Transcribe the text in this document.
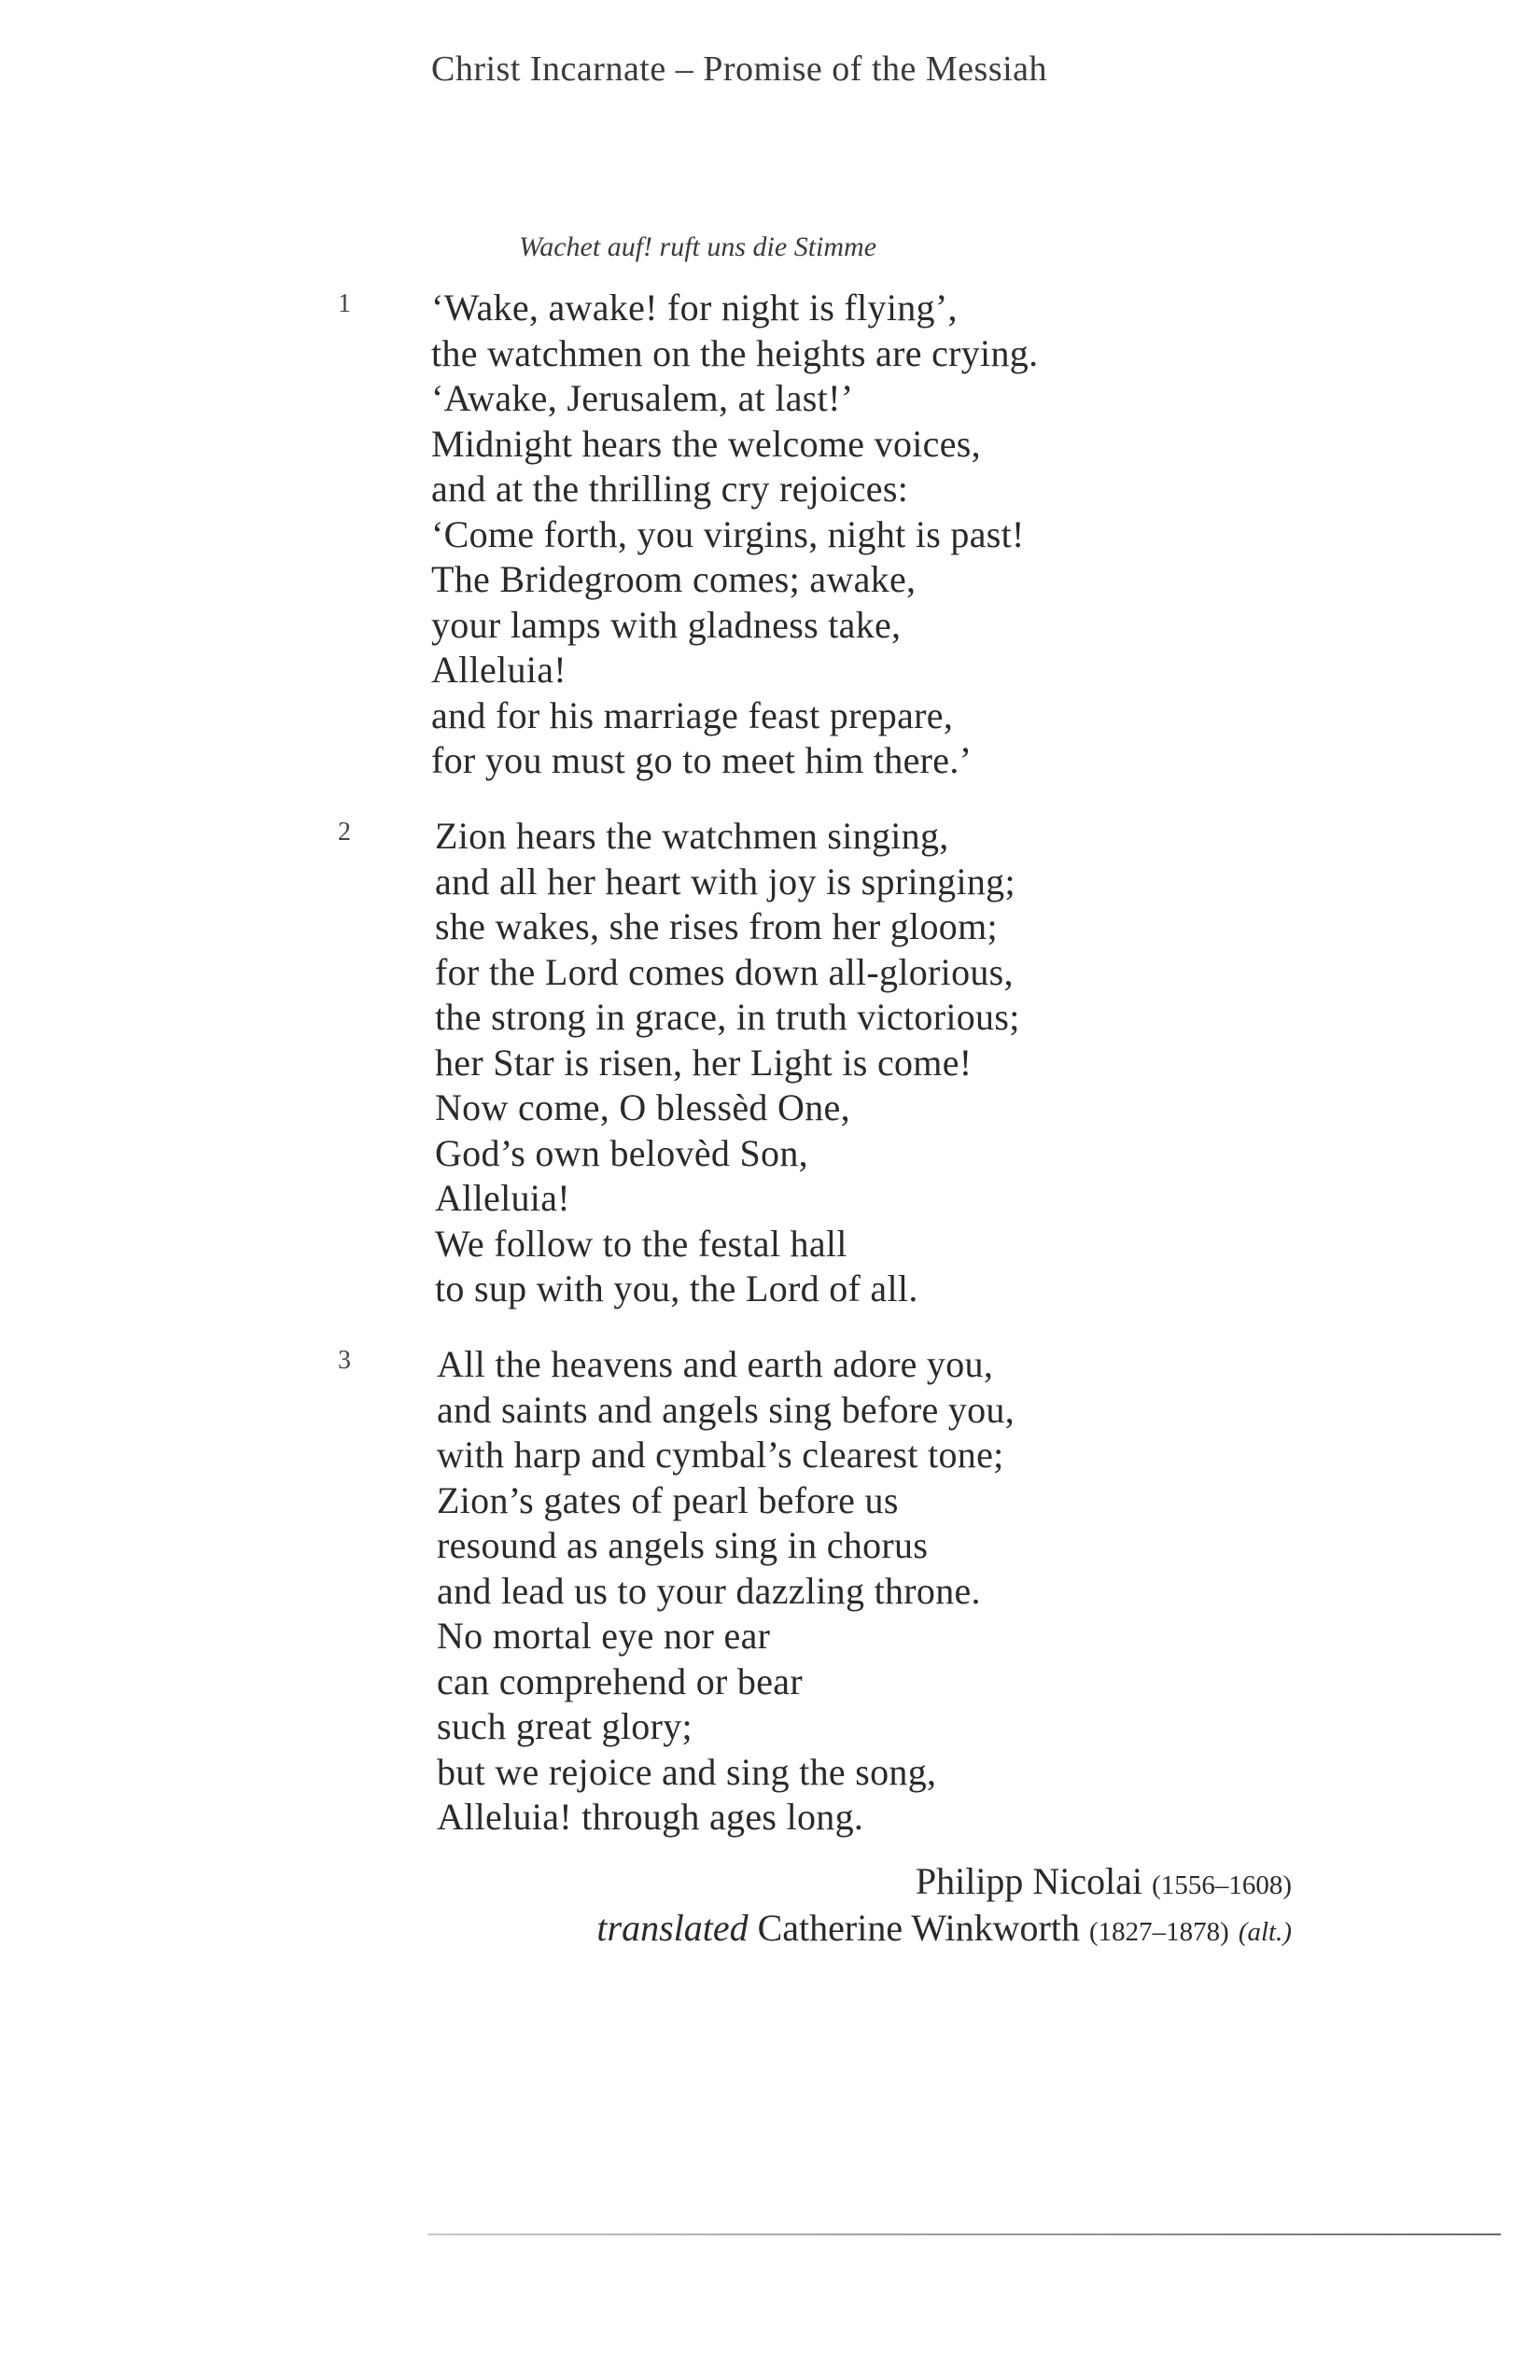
Christ Incarnate – Promise of the Messiah
Wachet auf! ruft uns die Stimme
1 ‘Wake, awake! for night is flying’,
the watchmen on the heights are crying.
‘Awake, Jerusalem, at last!’
Midnight hears the welcome voices,
and at the thrilling cry rejoices:
‘Come forth, you virgins, night is past!
The Bridegroom comes; awake,
your lamps with gladness take,
Alleluia!
and for his marriage feast prepare,
for you must go to meet him there.’
2 Zion hears the watchmen singing,
and all her heart with joy is springing;
she wakes, she rises from her gloom;
for the Lord comes down all-glorious,
the strong in grace, in truth victorious;
her Star is risen, her Light is come!
Now come, O blessèd One,
God’s own belovèd Son,
Alleluia!
We follow to the festal hall
to sup with you, the Lord of all.
3 All the heavens and earth adore you,
and saints and angels sing before you,
with harp and cymbal’s clearest tone;
Zion’s gates of pearl before us
resound as angels sing in chorus
and lead us to your dazzling throne.
No mortal eye nor ear
can comprehend or bear
such great glory;
but we rejoice and sing the song,
Alleluia! through ages long.
Philipp Nicolai (1556–1608)
translated Catherine Winkworth (1827–1878) (alt.)
